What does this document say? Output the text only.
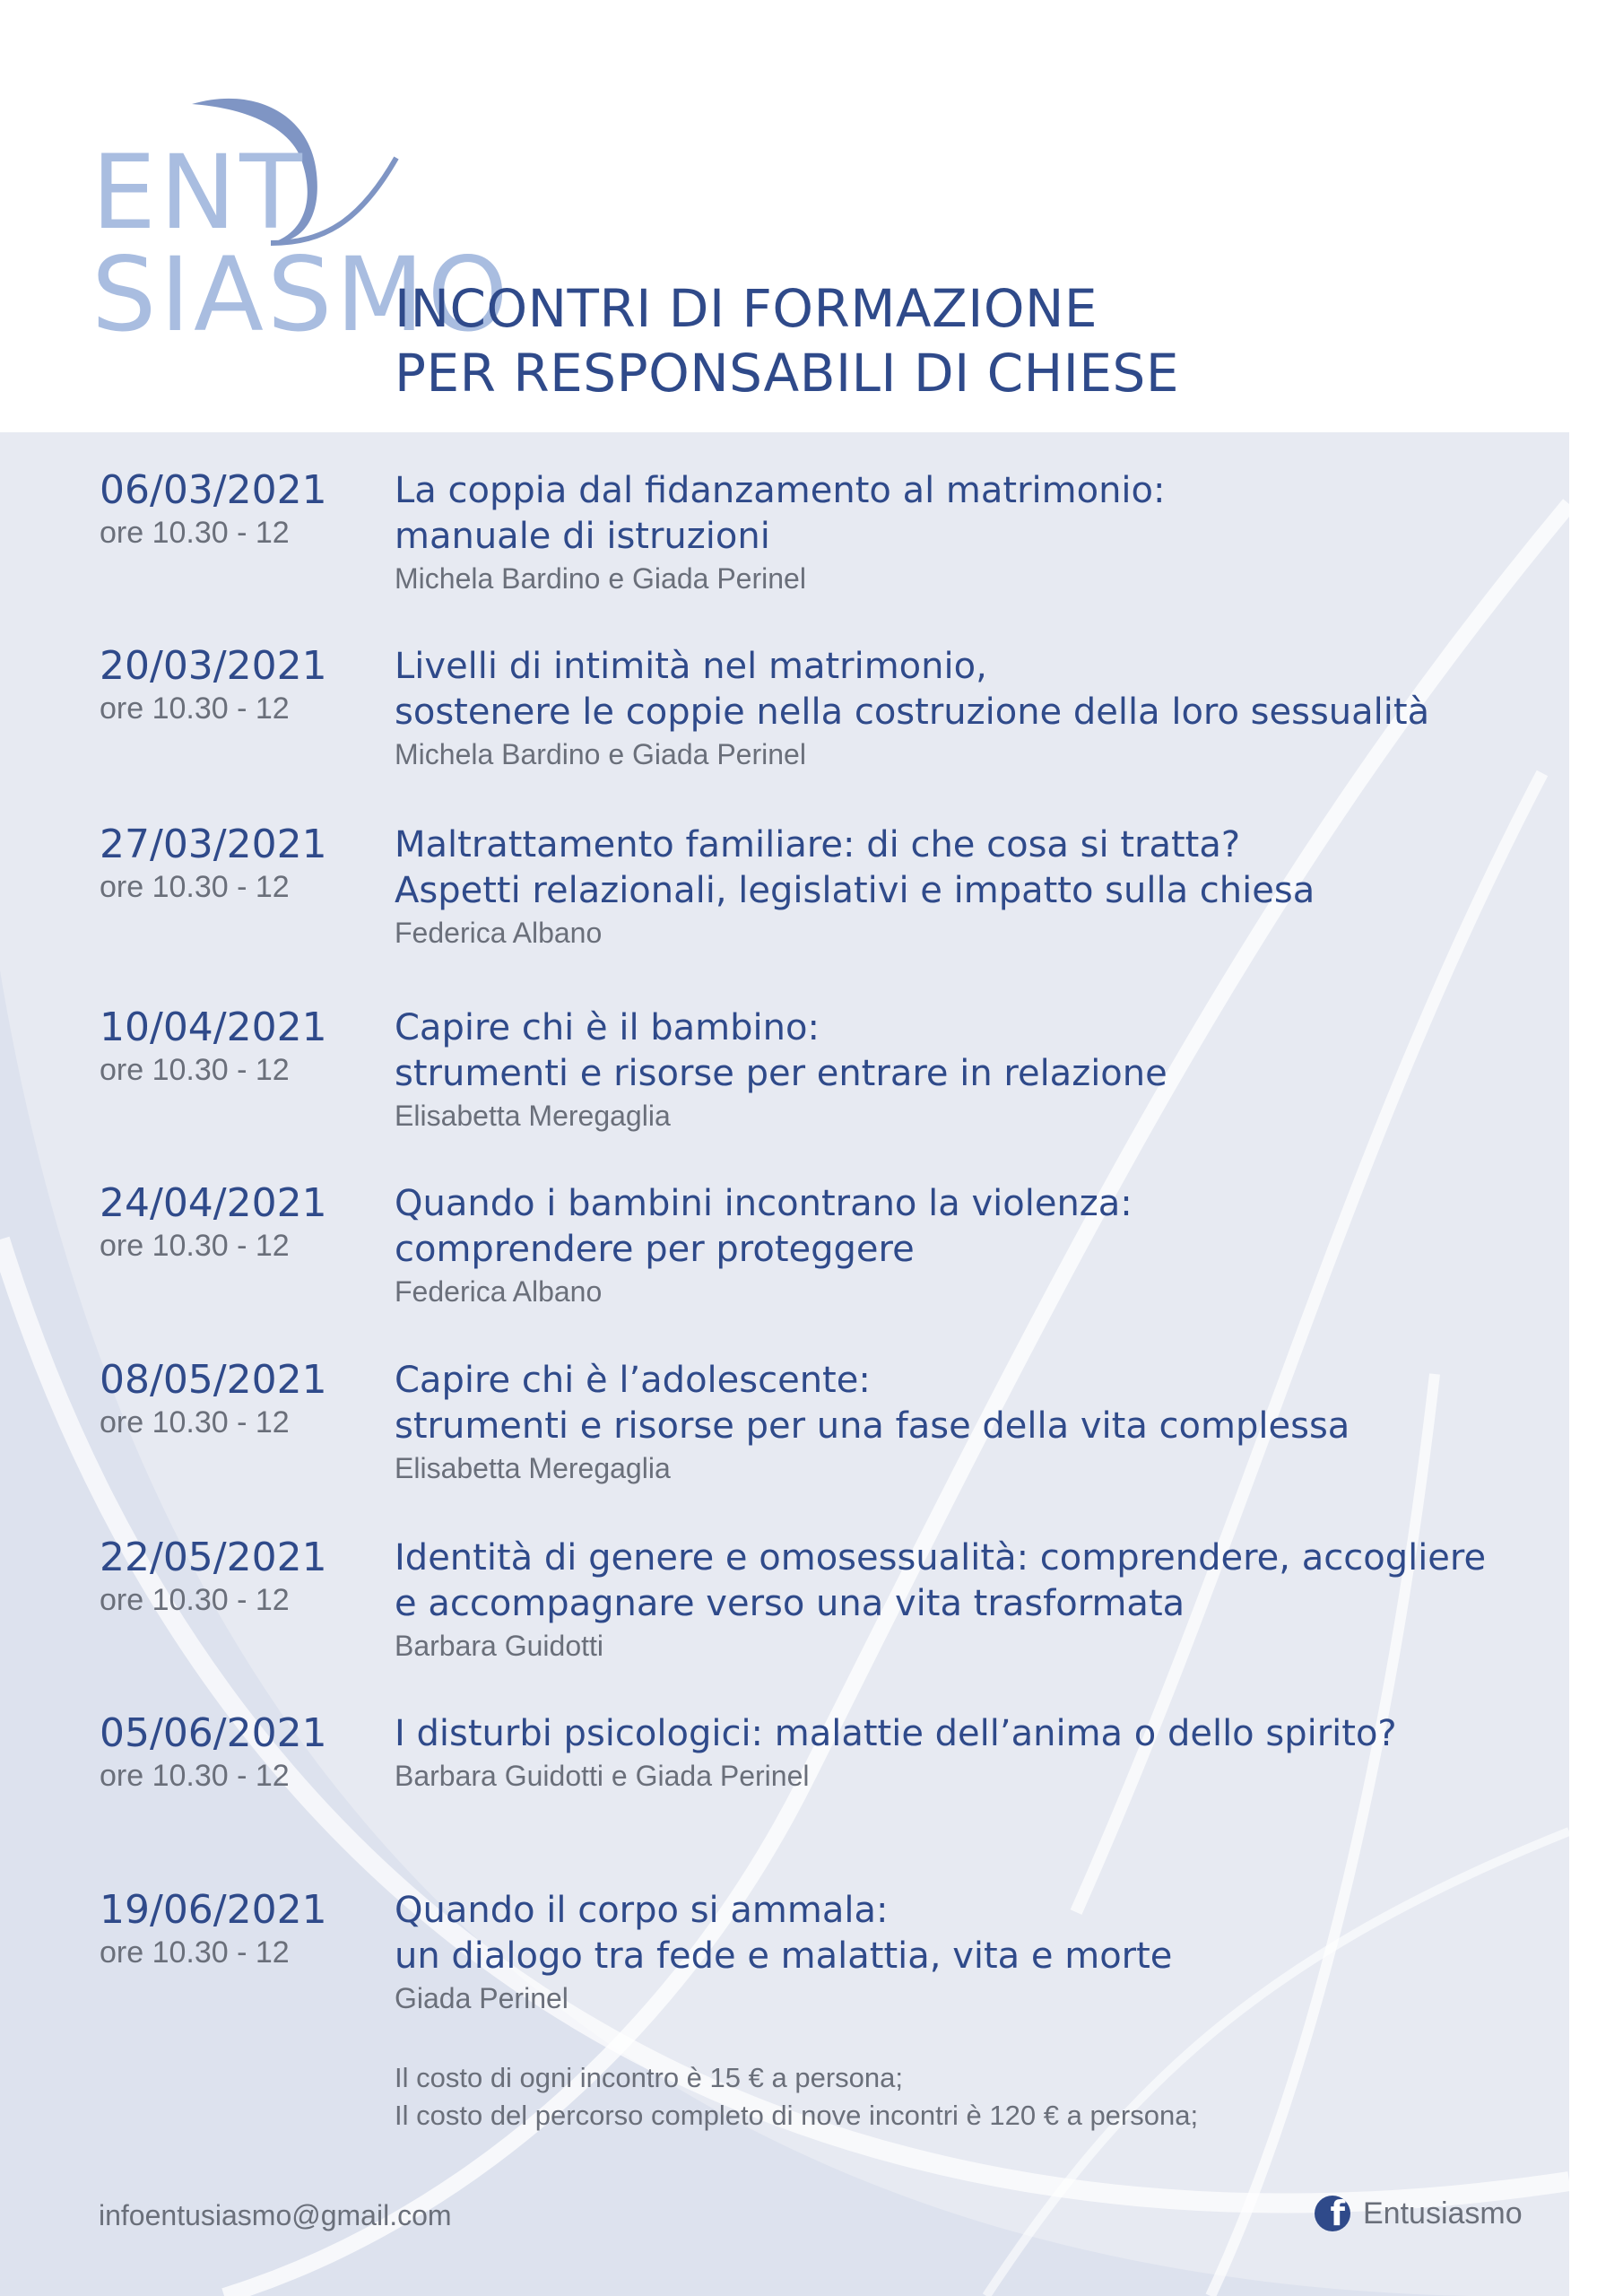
ENTSIASMO
INCONTRI DI FORMAZIONE
PER RESPONSABILI DI CHIESE
06/03/2021
ore 10.30 - 12
La coppia dal fidanzamento al matrimonio:
manuale di istruzioni
Michela Bardino e Giada Perinel
20/03/2021
ore 10.30 - 12
Livelli di intimità nel matrimonio,
sostenere le coppie nella costruzione della loro sessualità
Michela Bardino e Giada Perinel
27/03/2021
ore 10.30 - 12
Maltrattamento familiare: di che cosa si tratta?
Aspetti relazionali, legislativi e impatto sulla chiesa
Federica Albano
10/04/2021
ore 10.30 - 12
Capire chi è il bambino:
strumenti e risorse per entrare in relazione
Elisabetta Meregaglia
24/04/2021
ore 10.30 - 12
Quando i bambini incontrano la violenza:
comprendere per proteggere
Federica Albano
08/05/2021
ore 10.30 - 12
Capire chi è l’adolescente:
strumenti e risorse per una fase della vita complessa
Elisabetta Meregaglia
22/05/2021
ore 10.30 - 12
Identità di genere e omosessualità: comprendere, accogliere
e accompagnare verso una vita trasformata
Barbara Guidotti
05/06/2021
ore 10.30 - 12
I disturbi psicologici: malattie dell’anima o dello spirito?
Barbara Guidotti e Giada Perinel
19/06/2021
ore 10.30 - 12
Quando il corpo si ammala:
un dialogo tra fede e malattia, vita e morte
Giada Perinel
Il costo di ogni incontro è 15 € a persona;
Il costo del percorso completo di nove incontri è 120 € a persona;
infoentusiasmo@gmail.com	f Entusiasmo
